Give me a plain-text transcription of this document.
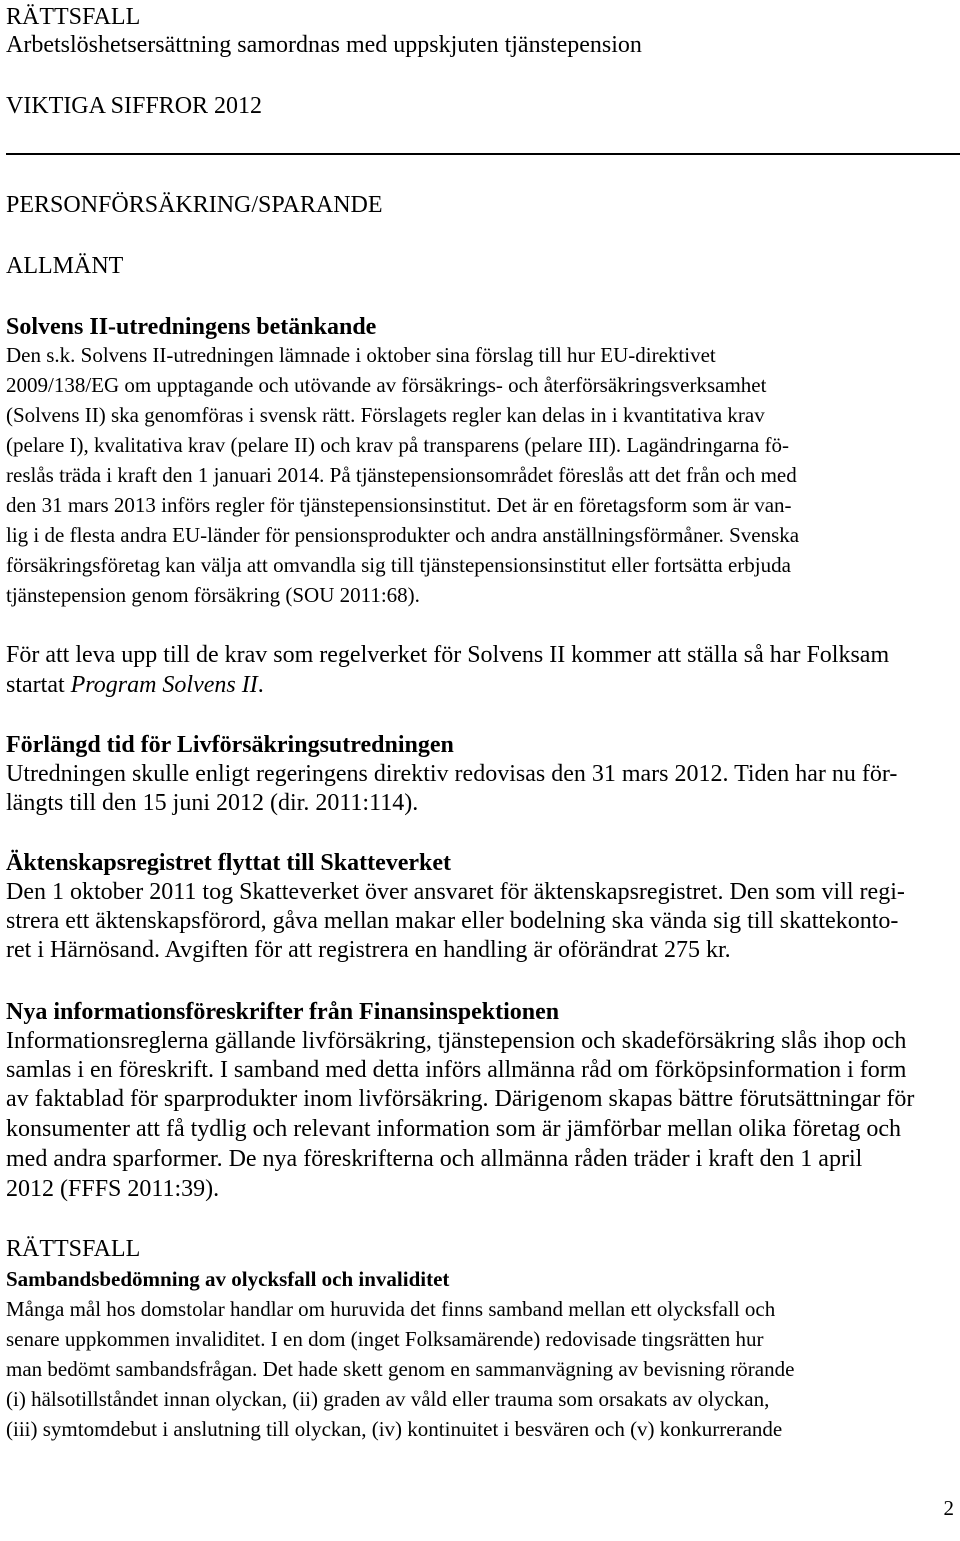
RÄTTSFALL
Arbetslöshetsersättning samordnas med uppskjuten tjänstepension
VIKTIGA SIFFROR 2012
PERSONFÖRSÄKRING/SPARANDE
ALLMÄNT
Solvens II-utredningens betänkande
Den s.k. Solvens II-utredningen lämnade i oktober sina förslag till hur EU-direktivet
2009/138/EG om upptagande och utövande av försäkrings- och återförsäkringsverksamhet
(Solvens II) ska genomföras i svensk rätt. Förslagets regler kan delas in i kvantitativa krav
(pelare I), kvalitativa krav (pelare II) och krav på transparens (pelare III). Lagändringarna fö-
reslås träda i kraft den 1 januari 2014. På tjänstepensionsområdet föreslås att det från och med
den 31 mars 2013 införs regler för tjänstepensionsinstitut. Det är en företagsform som är van-
lig i de flesta andra EU-länder för pensionsprodukter och andra anställningsförmåner. Svenska
försäkringsföretag kan välja att omvandla sig till tjänstepensionsinstitut eller fortsätta erbjuda
tjänstepension genom försäkring (SOU 2011:68).
För att leva upp till de krav som regelverket för Solvens II kommer att ställa så har Folksam
startat Program Solvens II.
Förlängd tid för Livförsäkringsutredningen
Utredningen skulle enligt regeringens direktiv redovisas den 31 mars 2012. Tiden har nu för-
längts till den 15 juni 2012 (dir. 2011:114).
Äktenskapsregistret flyttat till Skatteverket
Den 1 oktober 2011 tog Skatteverket över ansvaret för äktenskapsregistret. Den som vill regi-
strera ett äktenskapsförord, gåva mellan makar eller bodelning ska vända sig till skattekonto-
ret i Härnösand. Avgiften för att registrera en handling är oförändrat 275 kr.
Nya informationsföreskrifter från Finansinspektionen
Informationsreglerna gällande livförsäkring, tjänstepension och skadeförsäkring slås ihop och
samlas i en föreskrift. I samband med detta införs allmänna råd om förköpsinformation i form
av faktablad för sparprodukter inom livförsäkring. Därigenom skapas bättre förutsättningar för
konsumenter att få tydlig och relevant information som är jämförbar mellan olika företag och
med andra sparformer. De nya föreskrifterna och allmänna råden träder i kraft den 1 april
2012 (FFFS 2011:39).
RÄTTSFALL
Sambandsbedömning av olycksfall och invaliditet
Många mål hos domstolar handlar om huruvida det finns samband mellan ett olycksfall och
senare uppkommen invaliditet. I en dom (inget Folksamärende) redovisade tingsrätten hur
man bedömt sambandsfrågan. Det hade skett genom en sammanvägning av bevisning rörande
(i) hälsotillståndet innan olyckan, (ii) graden av våld eller trauma som orsakats av olyckan,
(iii) symtomdebut i anslutning till olyckan, (iv) kontinuitet i besvären och (v) konkurrerande
2
